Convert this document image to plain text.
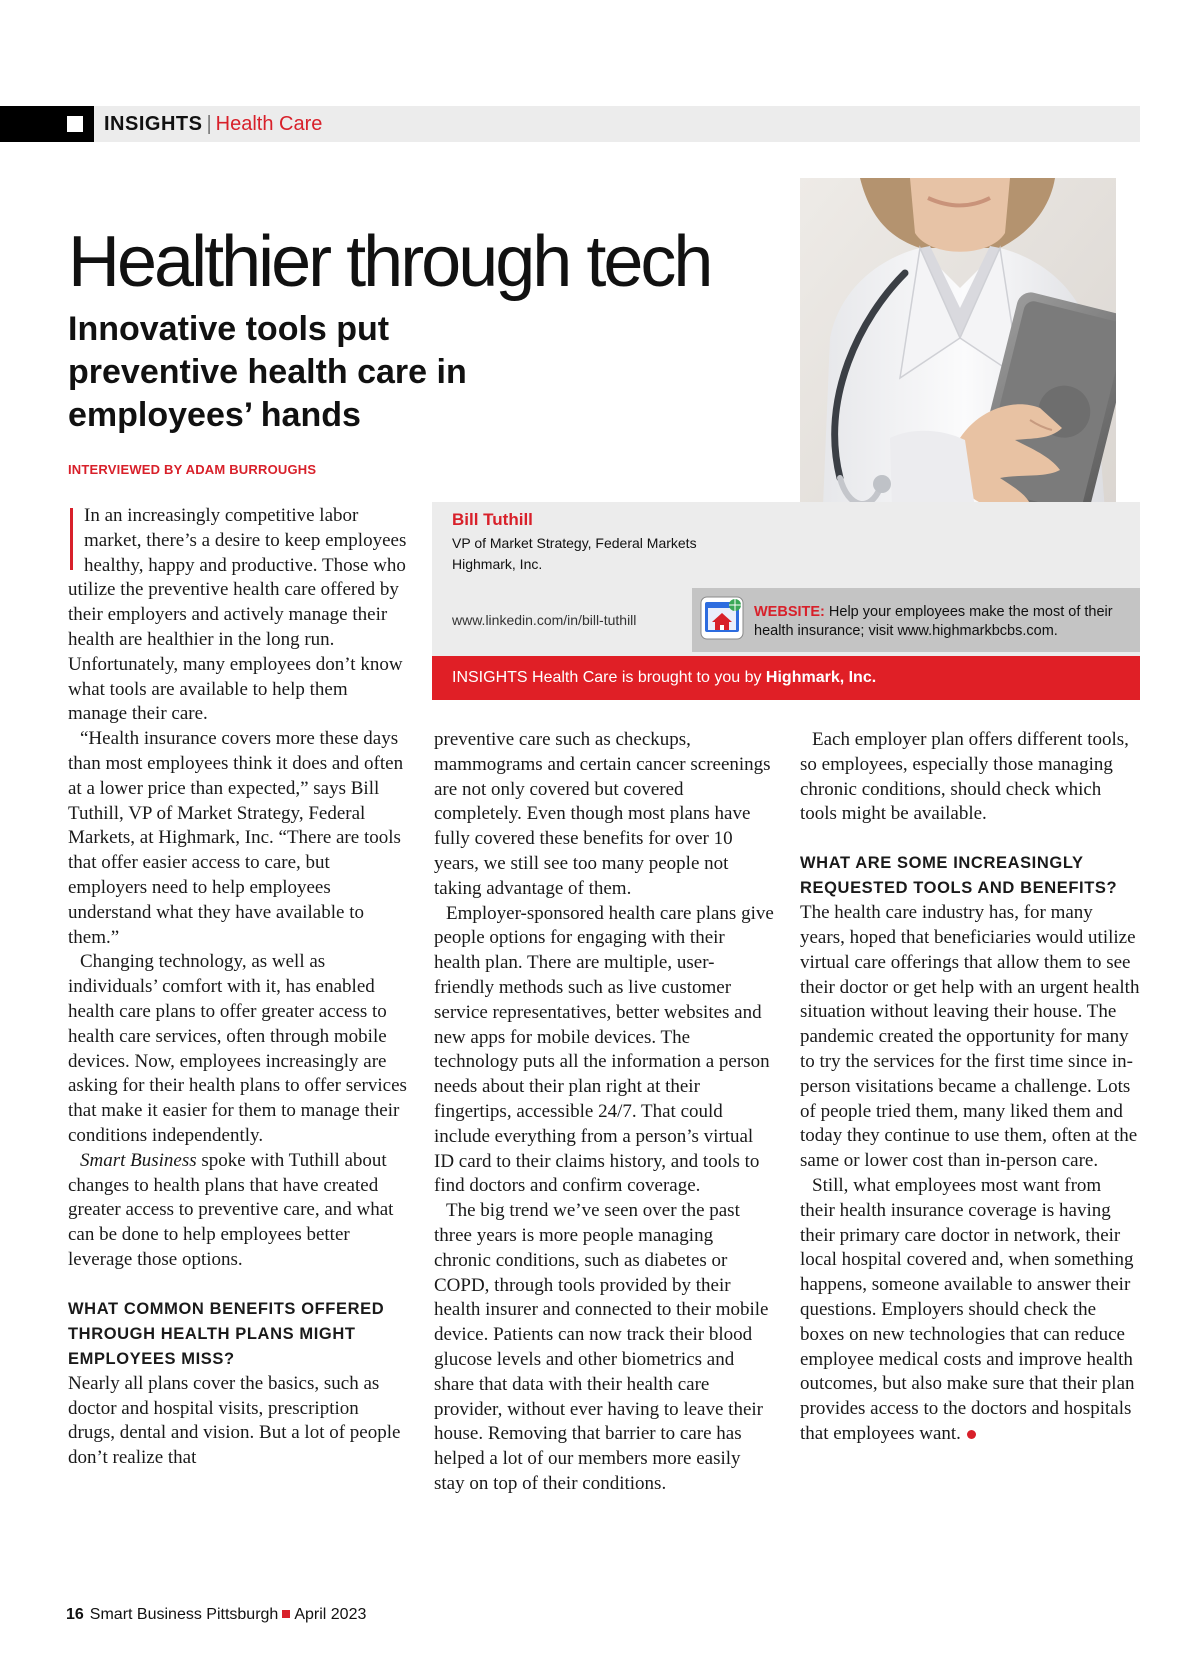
INSIGHTS | Health Care
Healthier through tech
Innovative tools put preventive health care in employees’ hands
INTERVIEWED BY ADAM BURROUGHS
Bill Tuthill
VP of Market Strategy, Federal Markets
Highmark, Inc.
www.linkedin.com/in/bill-tuthill	WEBSITE: Help your employees make the most of their health insurance; visit www.highmarkbcbs.com.
INSIGHTS Health Care is brought to you by Highmark, Inc.

In an increasingly competitive labor market, there’s a desire to keep employees healthy, happy and productive. Those who utilize the preventive health care offered by their employers and actively manage their health are healthier in the long run. Unfortunately, many employees don’t know what tools are available to help them manage their care.

“Health insurance covers more these days than most employees think it does and often at a lower price than expected,” says Bill Tuthill, VP of Market Strategy, Federal Markets, at Highmark, Inc. “There are tools that offer easier access to care, but employers need to help employees understand what they have available to them.”

Changing technology, as well as individuals’ comfort with it, has enabled health care plans to offer greater access to health care services, often through mobile devices. Now, employees increasingly are asking for their health plans to offer services that make it easier for them to manage their conditions independently.

Smart Business spoke with Tuthill about changes to health plans that have created greater access to preventive care, and what can be done to help employees better leverage those options.

WHAT COMMON BENEFITS OFFERED THROUGH HEALTH PLANS MIGHT EMPLOYEES MISS?

Nearly all plans cover the basics, such as doctor and hospital visits, prescription drugs, dental and vision. But a lot of people don’t realize that

preventive care such as checkups, mammograms and certain cancer screenings are not only covered but covered completely. Even though most plans have fully covered these benefits for over 10 years, we still see too many people not taking advantage of them.

Employer-sponsored health care plans give people options for engaging with their health plan. There are multiple, user-friendly methods such as live customer service representatives, better websites and new apps for mobile devices. The technology puts all the information a person needs about their plan right at their fingertips, accessible 24/7. That could include everything from a person’s virtual ID card to their claims history, and tools to find doctors and confirm coverage.

The big trend we’ve seen over the past three years is more people managing chronic conditions, such as diabetes or COPD, through tools provided by their health insurer and connected to their mobile device. Patients can now track their blood glucose levels and other biometrics and share that data with their health care provider, without ever having to leave their house. Removing that barrier to care has helped a lot of our members more easily stay on top of their conditions.

Each employer plan offers different tools, so employees, especially those managing chronic conditions, should check which tools might be available.

WHAT ARE SOME INCREASINGLY REQUESTED TOOLS AND BENEFITS?

The health care industry has, for many years, hoped that beneficiaries would utilize virtual care offerings that allow them to see their doctor or get help with an urgent health situation without leaving their house. The pandemic created the opportunity for many to try the services for the first time since in-person visitations became a challenge. Lots of people tried them, many liked them and today they continue to use them, often at the same or lower cost than in-person care.

Still, what employees most want from their health insurance coverage is having their primary care doctor in network, their local hospital covered and, when something happens, someone available to answer their questions. Employers should check the boxes on new technologies that can reduce employee medical costs and improve health outcomes, but also make sure that their plan provides access to the doctors and hospitals that employees want.

16 Smart Business Pittsburgh April 2023
